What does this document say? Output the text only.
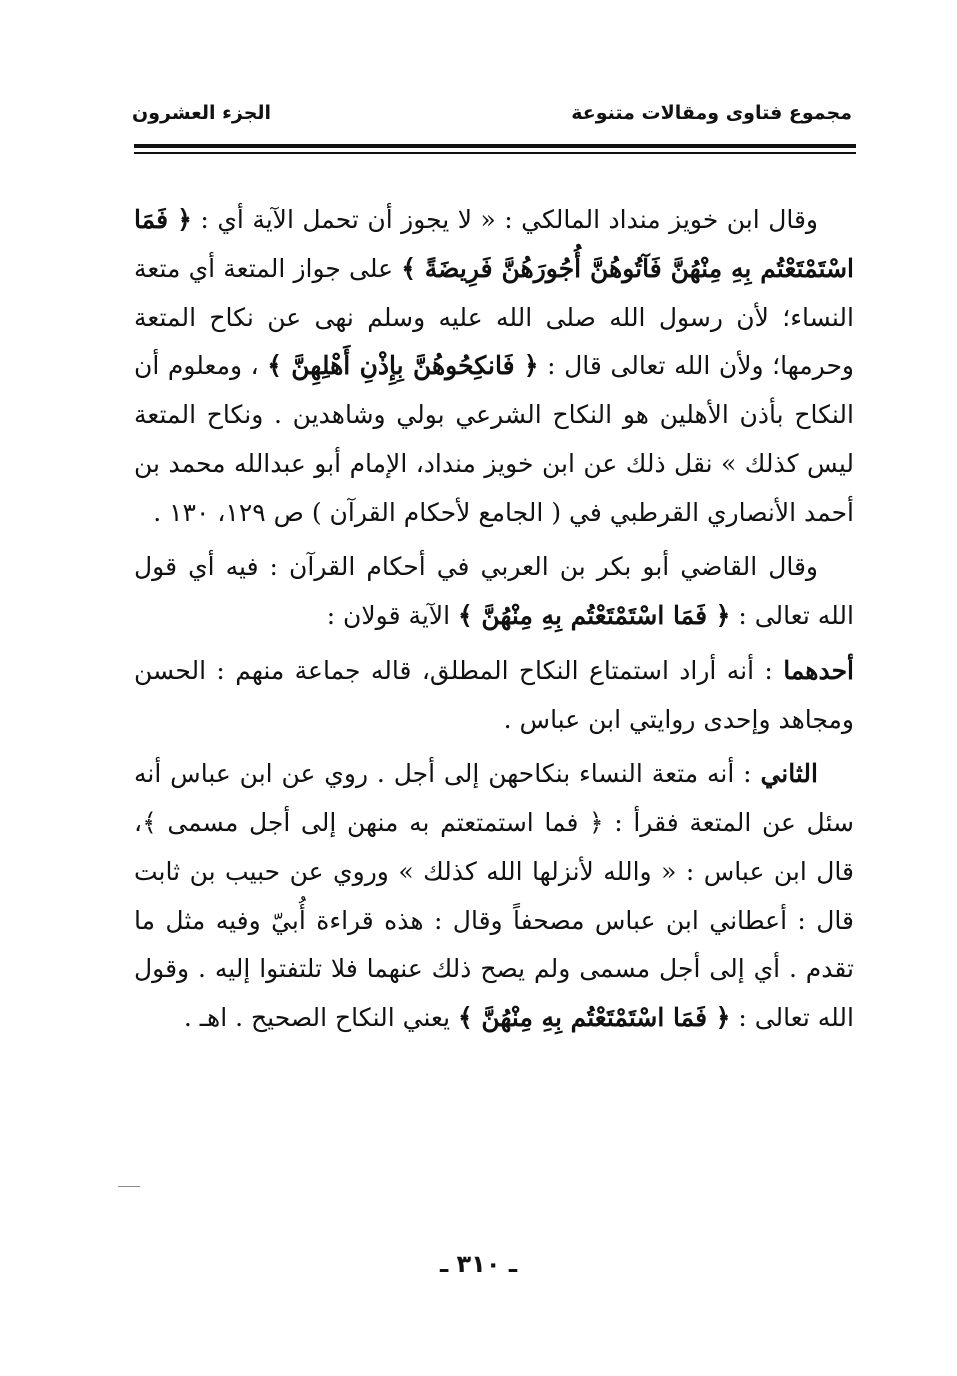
مجموع فتاوى ومقالات متنوعة
الجزء العشرون

وقال ابن خويز منداد المالكي : « لا يجوز أن تحمل الآية أي : ﴿ فَمَا اسْتَمْتَعْتُم بِهِ مِنْهُنَّ فَآتُوهُنَّ أُجُورَهُنَّ فَرِيضَةً ﴾ على جواز المتعة أي متعة النساء؛ لأن رسول الله صلى الله عليه وسلم نهى عن نكاح المتعة وحرمها؛ ولأن الله تعالى قال : ﴿ فَانكِحُوهُنَّ بِإِذْنِ أَهْلِهِنَّ ﴾ ، ومعلوم أن النكاح بأذن الأهلين هو النكاح الشرعي بولي وشاهدين . ونكاح المتعة ليس كذلك » نقل ذلك عن ابن خويز منداد، الإمام أبو عبدالله محمد بن أحمد الأنصاري القرطبي في ( الجامع لأحكام القرآن ) ص ١٢٩، ١٣٠ .

وقال القاضي أبو بكر بن العربي في أحكام القرآن : فيه أي قول الله تعالى : ﴿ فَمَا اسْتَمْتَعْتُم بِهِ مِنْهُنَّ ﴾ الآية قولان :

أحدهما : أنه أراد استمتاع النكاح المطلق، قاله جماعة منهم : الحسن ومجاهد وإحدى روايتي ابن عباس .

الثاني : أنه متعة النساء بنكاحهن إلى أجل . روي عن ابن عباس أنه سئل عن المتعة فقرأ : ﴿ فما استمتعتم به منهن إلى أجل مسمى ﴾، قال ابن عباس : « والله لأنزلها الله كذلك » وروي عن حبيب بن ثابت قال : أعطاني ابن عباس مصحفاً وقال : هذه قراءة أُبيّ وفيه مثل ما تقدم . أي إلى أجل مسمى ولم يصح ذلك عنهما فلا تلتفتوا إليه . وقول الله تعالى : ﴿ فَمَا اسْتَمْتَعْتُم بِهِ مِنْهُنَّ ﴾ يعني النكاح الصحيح . اهـ .

ـ ٣١٠ ـ
